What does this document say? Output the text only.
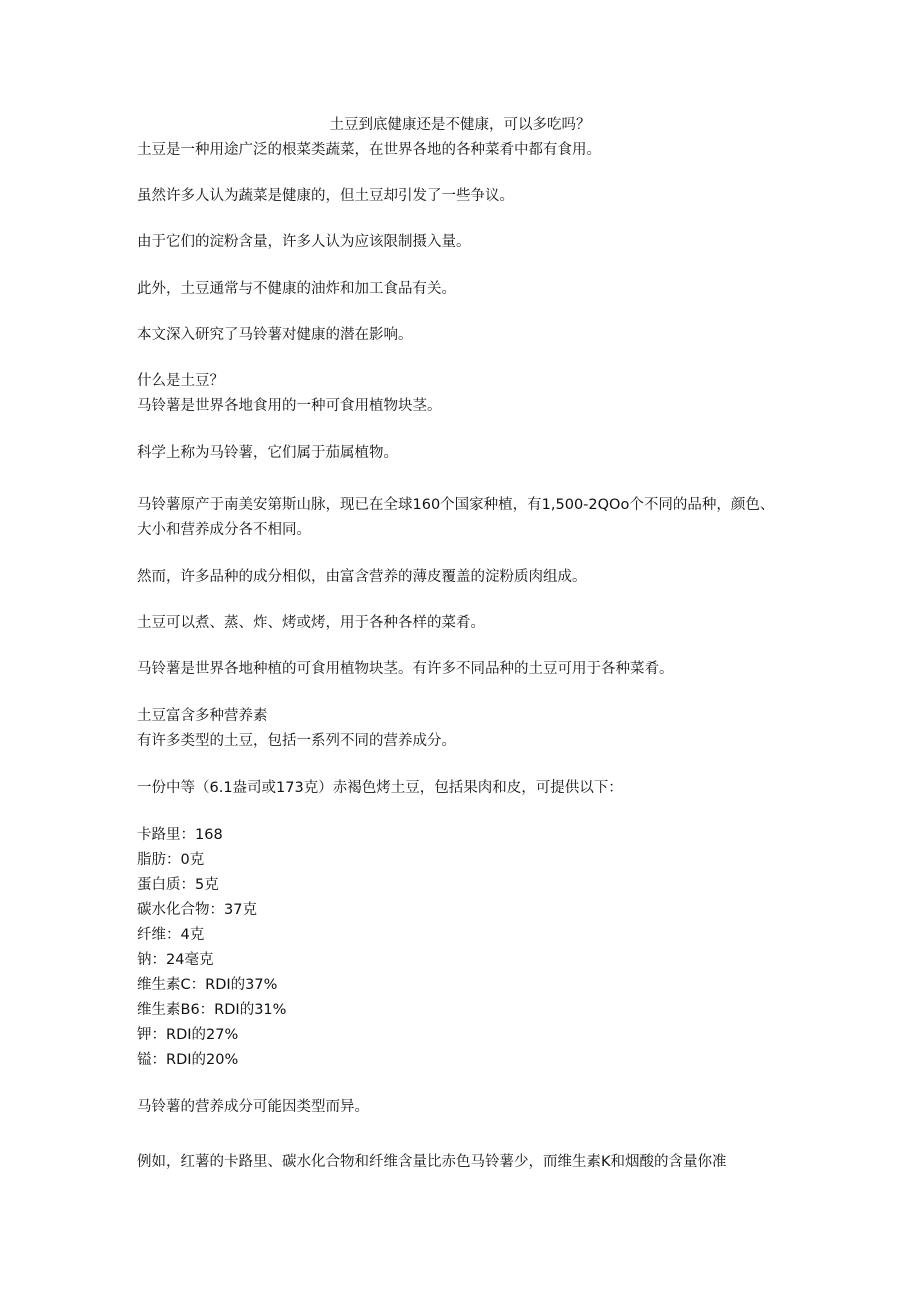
土豆到底健康还是不健康，可以多吃吗？

土豆是一种用途广泛的根菜类蔬菜，在世界各地的各种菜肴中都有食用。

虽然许多人认为蔬菜是健康的，但土豆却引发了一些争议。

由于它们的淀粉含量，许多人认为应该限制摄入量。

此外，土豆通常与不健康的油炸和加工食品有关。

本文深入研究了马铃薯对健康的潜在影响。

什么是土豆？

马铃薯是世界各地食用的一种可食用植物块茎。

科学上称为马铃薯，它们属于茄属植物。

马铃薯原产于南美安第斯山脉，现已在全球160个国家种植，有1,500-2QOo个不同的品种，颜色、大小和营养成分各不相同。

然而，许多品种的成分相似，由富含营养的薄皮覆盖的淀粉质肉组成。

土豆可以煮、蒸、炸、烤或烤，用于各种各样的菜肴。

马铃薯是世界各地种植的可食用植物块茎。有许多不同品种的土豆可用于各种菜肴。

土豆富含多种营养素

有许多类型的土豆，包括一系列不同的营养成分。

一份中等（6.1盎司或173克）赤褐色烤土豆，包括果肉和皮，可提供以下：

卡路里：168

脂肪：0克

蛋白质：5克

碳水化合物：37克

纤维：4克

钠：24毫克

维生素C：RDI的37%

维生素B6：RDI的31%

钾：RDI的27%

镒：RDI的20%

马铃薯的营养成分可能因类型而异。

例如，红薯的卡路里、碳水化合物和纤维含量比赤色马铃薯少，而维生素K和烟酸的含量你准
